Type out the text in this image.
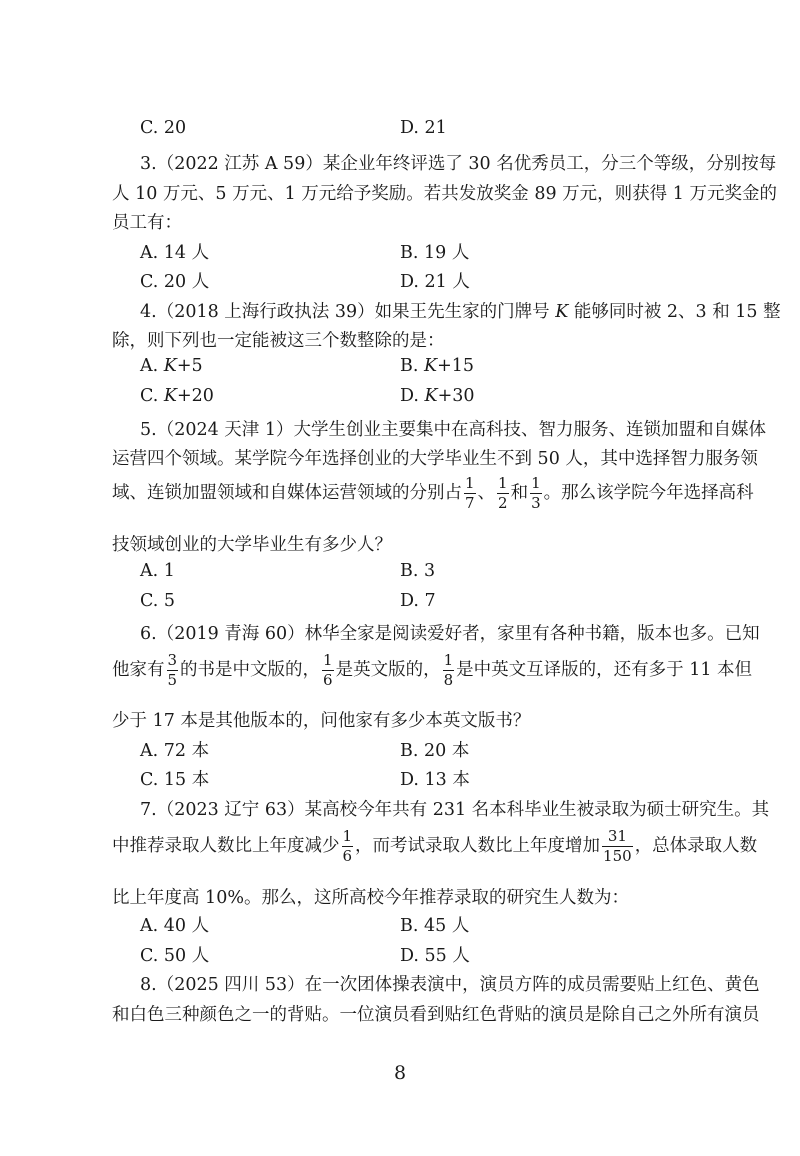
C. 20	D. 21
3.（2022 江苏 A 59）某企业年终评选了 30 名优秀员工，分三个等级，分别按每
人 10 万元、5 万元、1 万元给予奖励。若共发放奖金 89 万元，则获得 1 万元奖金的
员工有：
A. 14 人	B. 19 人
C. 20 人	D. 21 人
4.（2018 上海行政执法 39）如果王先生家的门牌号 K 能够同时被 2、3 和 15 整
除，则下列也一定能被这三个数整除的是：
A. K+5	B. K+15
C. K+20	D. K+30
5.（2024 天津 1）大学生创业主要集中在高科技、智力服务、连锁加盟和自媒体
运营四个领域。某学院今年选择创业的大学毕业生不到 50 人，其中选择智力服务领
域、连锁加盟领域和自媒体运营领域的分别占 $\frac{1}{7}$ 、 $\frac{1}{2}$ 和 $\frac{1}{3}$ 。那么该学院今年选择高科
技领域创业的大学毕业生有多少人？
A. 1	B. 3
C. 5	D. 7
6.（2019 青海 60）林华全家是阅读爱好者，家里有各种书籍，版本也多。已知
他家有 $\frac{3}{5}$ 的书是中文版的， $\frac{1}{6}$ 是英文版的， $\frac{1}{8}$ 是中英文互译版的，还有多于 11 本但
少于 17 本是其他版本的，问他家有多少本英文版书？
A. 72 本	B. 20 本
C. 15 本	D. 13 本
7.（2023 辽宁 63）某高校今年共有 231 名本科毕业生被录取为硕士研究生。其
中推荐录取人数比上年度减少 $\frac{1}{6}$ ，而考试录取人数比上年度增加 $\frac{31}{150}$ ，总体录取人数
比上年度高 10%。那么，这所高校今年推荐录取的研究生人数为：
A. 40 人	B. 45 人
C. 50 人	D. 55 人
8.（2025 四川 53）在一次团体操表演中，演员方阵的成员需要贴上红色、黄色
和白色三种颜色之一的背贴。一位演员看到贴红色背贴的演员是除自己之外所有演员
8
